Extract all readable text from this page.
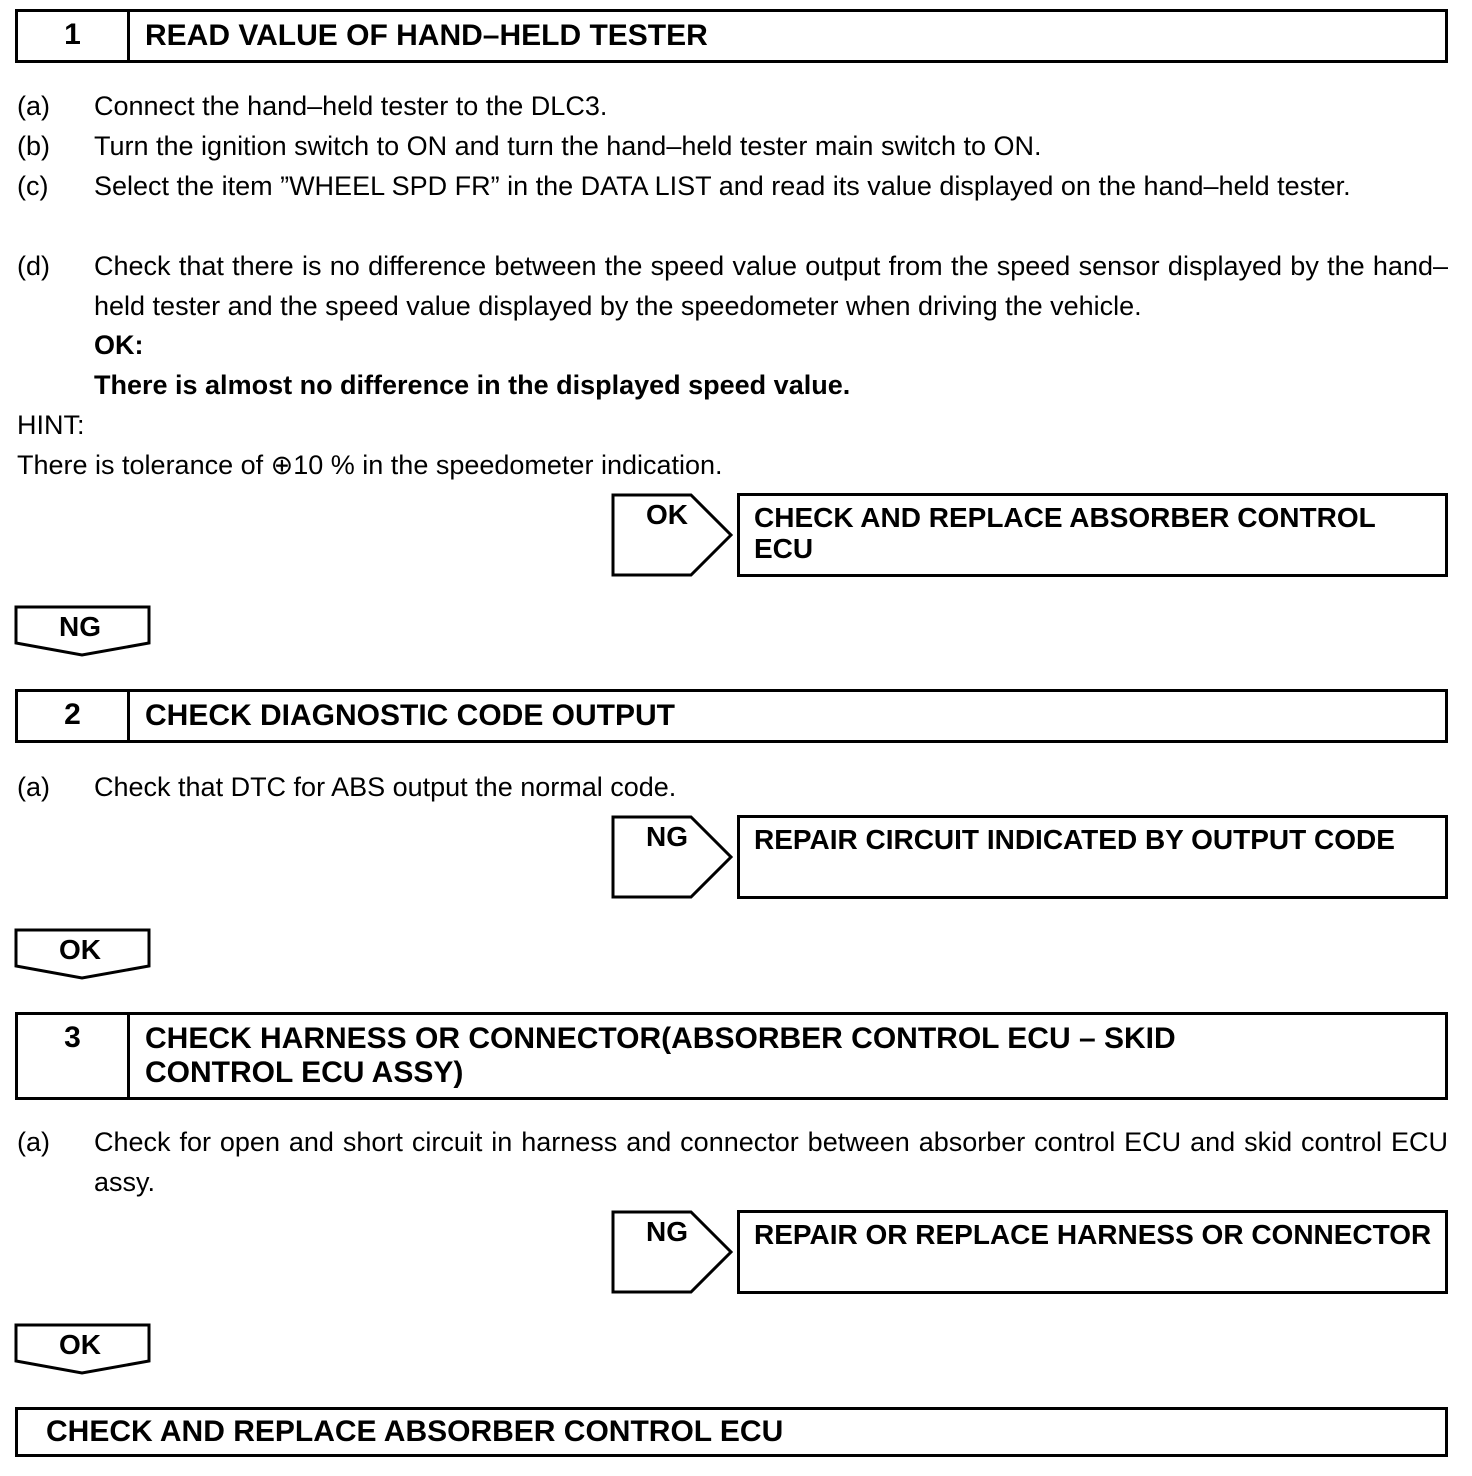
1	READ VALUE OF HAND–HELD TESTER
(a) Connect the hand–held tester to the DLC3.
(b) Turn the ignition switch to ON and turn the hand–held tester main switch to ON.
(c) Select the item ”WHEEL SPD FR” in the DATA LIST and read its value displayed on the hand–held tester.
(d) Check that there is no difference between the speed value output from the speed sensor displayed by the hand–held tester and the speed value displayed by the speedometer when driving the vehicle.
OK:
There is almost no difference in the displayed speed value.
HINT:
There is tolerance of ⊕10 % in the speedometer indication.
OK	CHECK AND REPLACE ABSORBER CONTROL ECU
NG
2	CHECK DIAGNOSTIC CODE OUTPUT
(a) Check that DTC for ABS output the normal code.
NG	REPAIR CIRCUIT INDICATED BY OUTPUT CODE
OK
3	CHECK HARNESS OR CONNECTOR(ABSORBER CONTROL ECU – SKID CONTROL ECU ASSY)
(a) Check for open and short circuit in harness and connector between absorber control ECU and skid control ECU assy.
NG	REPAIR OR REPLACE HARNESS OR CONNECTOR
OK
CHECK AND REPLACE ABSORBER CONTROL ECU
